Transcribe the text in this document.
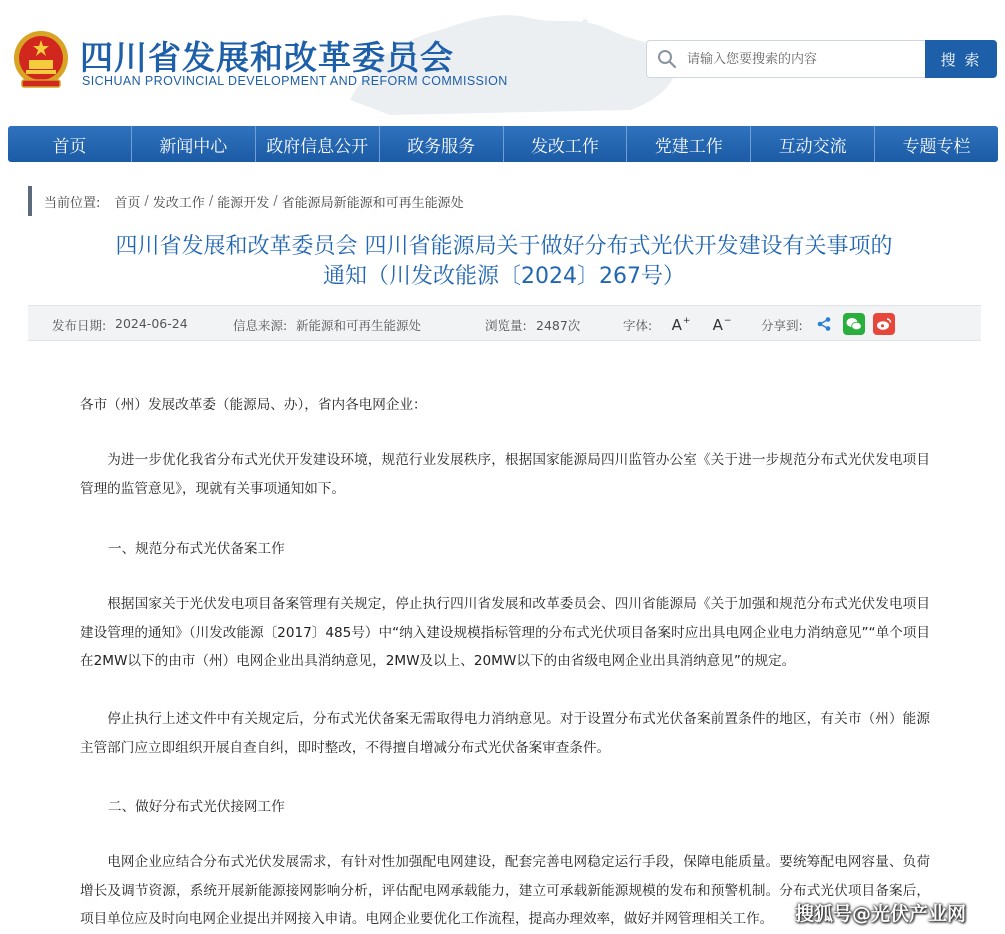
四川省发展和改革委员会
SICHUAN PROVINCIAL DEVELOPMENT AND REFORM COMMISSION
请输入您要搜索的内容
搜 索
首页	新闻中心	政府信息公开	政务服务	发改工作	党建工作	互动交流	专题专栏
当前位置: 首页 / 发改工作 / 能源开发 / 省能源局新能源和可再生能源处
四川省发展和改革委员会 四川省能源局关于做好分布式光伏开发建设有关事项的
通知（川发改能源〔2024〕267号）
发布日期: 2024-06-24	信息来源: 新能源和可再生能源处	浏览量: 2487次	字体: A+ A− 分享到:
各市（州）发展改革委（能源局、办），省内各电网企业：
为进一步优化我省分布式光伏开发建设环境，规范行业发展秩序，根据国家能源局四川监管办公室《关于进一步规范分布式光伏发电项目管理的监管意见》，现就有关事项通知如下。
一、规范分布式光伏备案工作
根据国家关于光伏发电项目备案管理有关规定，停止执行四川省发展和改革委员会、四川省能源局《关于加强和规范分布式光伏发电项目建设管理的通知》（川发改能源〔2017〕485号）中“纳入建设规模指标管理的分布式光伏项目备案时应出具电网企业电力消纳意见”“单个项目在2MW以下的由市（州）电网企业出具消纳意见，2MW及以上、20MW以下的由省级电网企业出具消纳意见”的规定。
停止执行上述文件中有关规定后，分布式光伏备案无需取得电力消纳意见。对于设置分布式光伏备案前置条件的地区，有关市（州）能源主管部门应立即组织开展自查自纠，即时整改，不得擅自增减分布式光伏备案审查条件。
二、做好分布式光伏接网工作
电网企业应结合分布式光伏发展需求，有针对性加强配电网建设，配套完善电网稳定运行手段，保障电能质量。要统筹配电网容量、负荷增长及调节资源，系统开展新能源接网影响分析，评估配电网承载能力，建立可承载新能源规模的发布和预警机制。分布式光伏项目备案后，项目单位应及时向电网企业提出并网接入申请。电网企业要优化工作流程，提高办理效率，做好并网管理相关工作。	搜狐号@光伏产业网
